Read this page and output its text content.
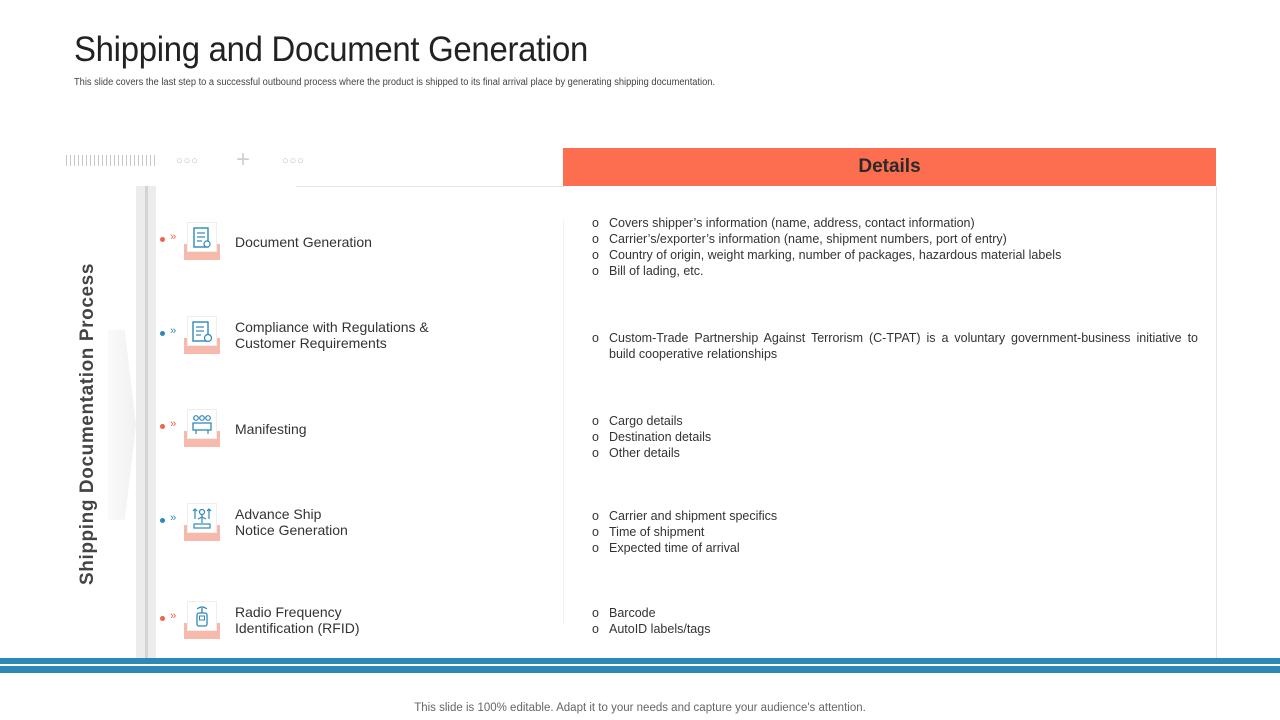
Shipping and Document Generation
This slide covers the last step to a successful outbound process where the product is shipped to its final arrival place by generating shipping documentation.
○○○ +	○○○
Shipping Documentation Process
Details
››	Document Generation
o Covers shipper’s information (name, address, contact information)
o Carrier’s/exporter’s information (name, shipment numbers, port of entry)
o Country of origin, weight marking, number of packages, hazardous material labels
o Bill of lading, etc.
››	Compliance with Regulations &
Customer Requirements	o Custom-Trade Partnership Against Terrorism (C-TPAT) is a voluntary government-business initiative to build cooperative relationships
››	Manifesting	o Cargo details
o Destination details
o Other details
››	Advance Ship
Notice Generation
o Carrier and shipment specifics
o Time of shipment
o Expected time of arrival
››	Radio Frequency
Identification (RFID)
o Barcode
o AutoID labels/tags
This slide is 100% editable. Adapt it to your needs and capture your audience's attention.
